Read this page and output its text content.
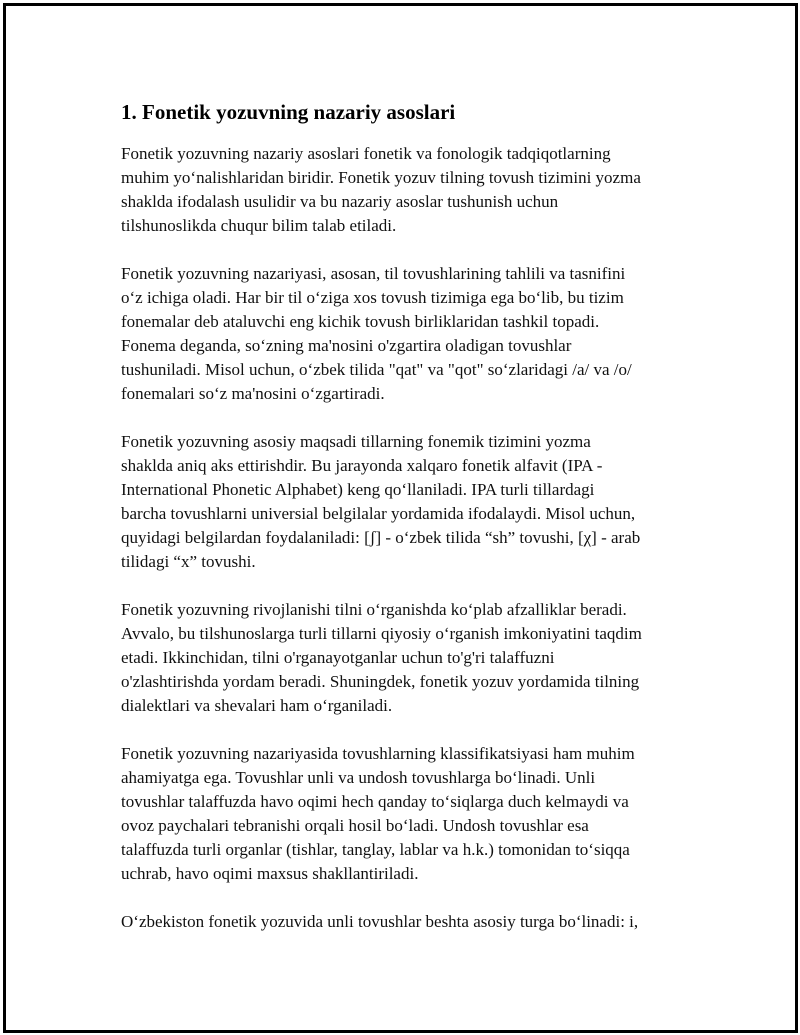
1. Fonetik yozuvning nazariy asoslari

Fonetik yozuvning nazariy asoslari fonetik va fonologik tadqiqotlarning
muhim yo‘nalishlaridan biridir. Fonetik yozuv tilning tovush tizimini yozma
shaklda ifodalash usulidir va bu nazariy asoslar tushunish uchun
tilshunoslikda chuqur bilim talab etiladi.

Fonetik yozuvning nazariyasi, asosan, til tovushlarining tahlili va tasnifini
o‘z ichiga oladi. Har bir til o‘ziga xos tovush tizimiga ega bo‘lib, bu tizim
fonemalar deb ataluvchi eng kichik tovush birliklaridan tashkil topadi.
Fonema deganda, so‘zning ma'nosini o'zgartira oladigan tovushlar
tushuniladi. Misol uchun, o‘zbek tilida "qat" va "qot" so‘zlaridagi /a/ va /o/
fonemalari so‘z ma'nosini o‘zgartiradi.

Fonetik yozuvning asosiy maqsadi tillarning fonemik tizimini yozma
shaklda aniq aks ettirishdir. Bu jarayonda xalqaro fonetik alfavit (IPA -
International Phonetic Alphabet) keng qo‘llaniladi. IPA turli tillardagi
barcha tovushlarni universial belgilalar yordamida ifodalaydi. Misol uchun,
quyidagi belgilardan foydalaniladi: [ʃ] - o‘zbek tilida “sh” tovushi, [χ] - arab
tilidagi “x” tovushi.

Fonetik yozuvning rivojlanishi tilni o‘rganishda ko‘plab afzalliklar beradi.
Avvalo, bu tilshunoslarga turli tillarni qiyosiy o‘rganish imkoniyatini taqdim
etadi. Ikkinchidan, tilni o'rganayotganlar uchun to'g'ri talaffuzni
o'zlashtirishda yordam beradi. Shuningdek, fonetik yozuv yordamida tilning
dialektlari va shevalari ham o‘rganiladi.

Fonetik yozuvning nazariyasida tovushlarning klassifikatsiyasi ham muhim
ahamiyatga ega. Tovushlar unli va undosh tovushlarga bo‘linadi. Unli
tovushlar talaffuzda havo oqimi hech qanday to‘siqlarga duch kelmaydi va
ovoz paychalari tebranishi orqali hosil bo‘ladi. Undosh tovushlar esa
talaffuzda turli organlar (tishlar, tanglay, lablar va h.k.) tomonidan to‘siqqa
uchrab, havo oqimi maxsus shakllantiriladi.

O‘zbekiston fonetik yozuvida unli tovushlar beshta asosiy turga bo‘linadi: i,
